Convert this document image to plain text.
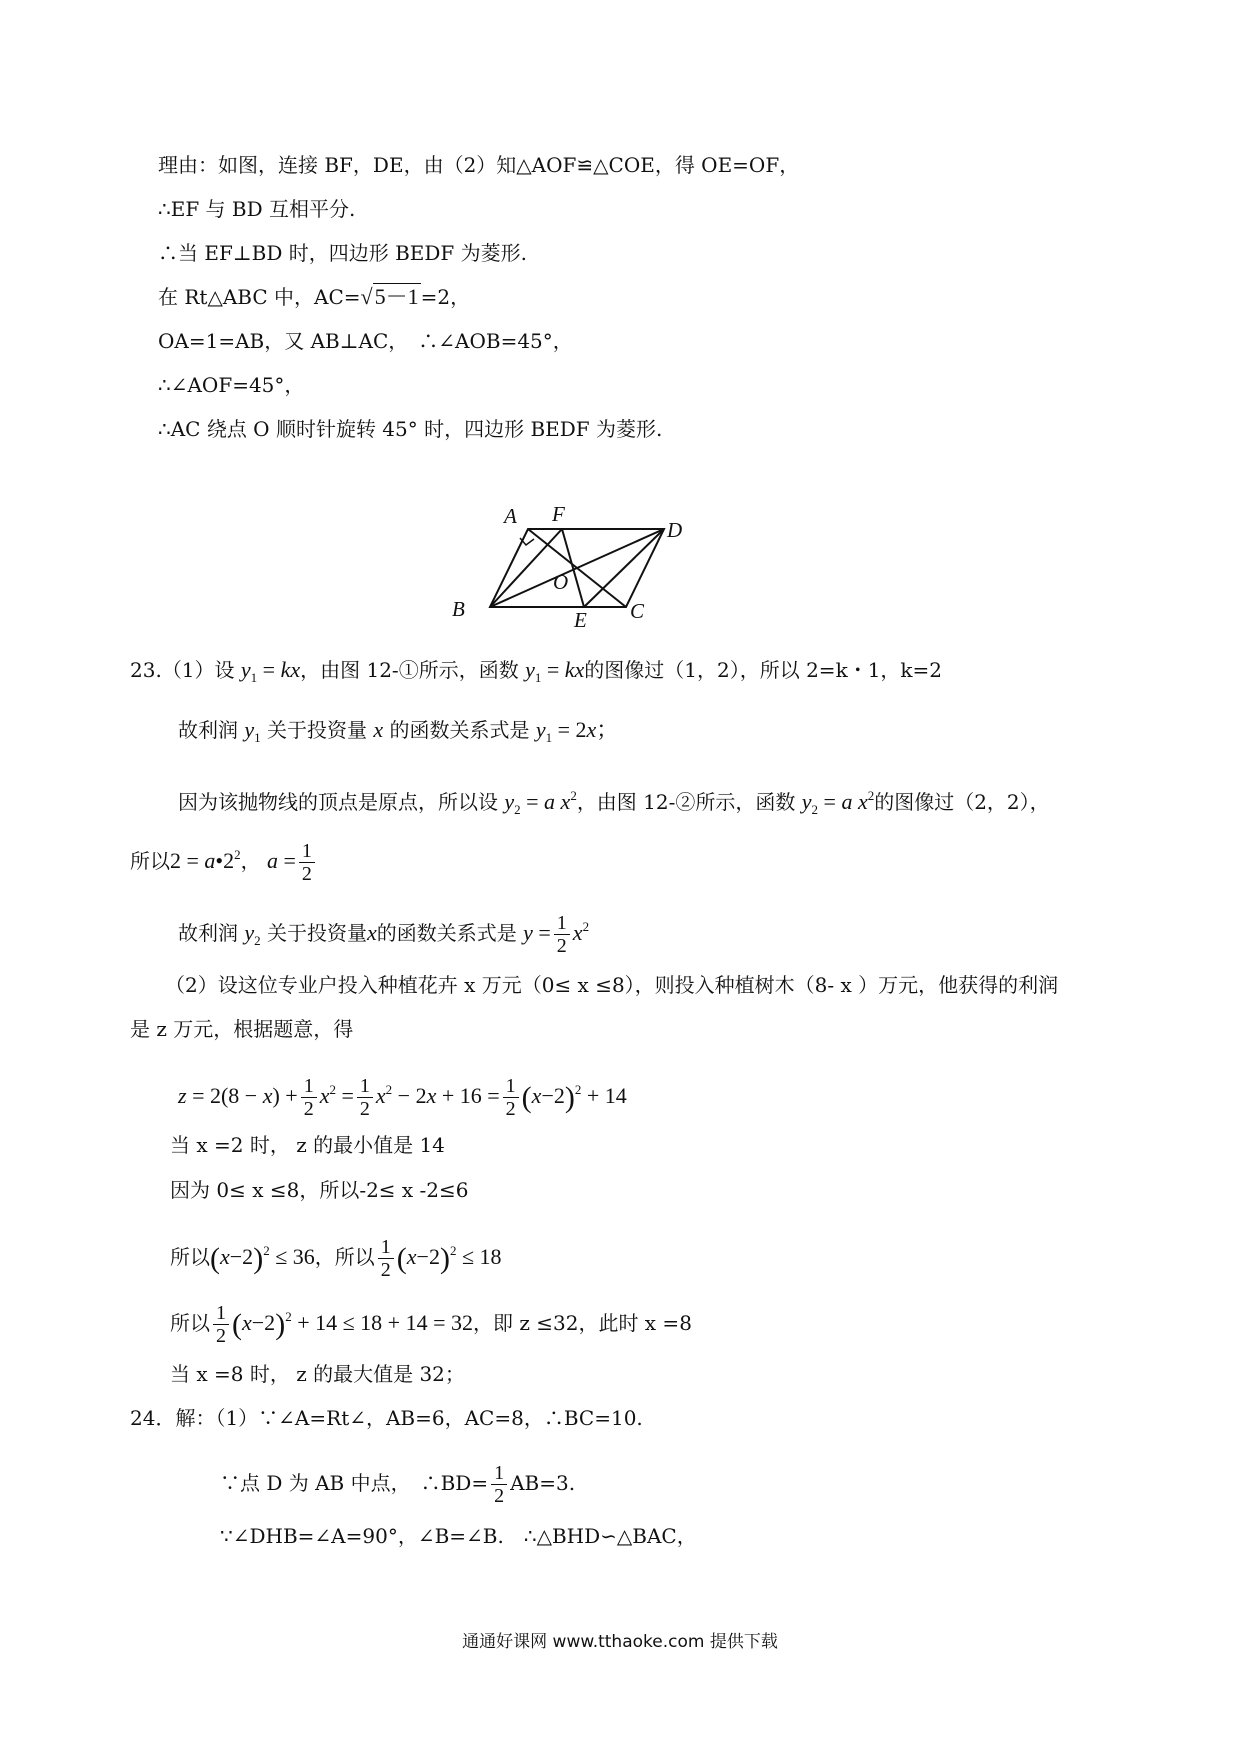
理由：如图，连接 BF，DE，由（2）知△AOF≌△COE，得 OE=OF，
∴EF 与 BD 互相平分.
∴当 EF⊥BD 时，四边形 BEDF 为菱形.
在 Rt△ABC 中，AC=√5－1 =2，
OA=1=AB，又 AB⊥AC，　∴∠AOB=45°，
∴∠AOF=45°，
∴AC 绕点 O 顺时针旋转 45° 时，四边形 BEDF 为菱形.
A F
D
O
B	E C
23.（1）设 $y_1$ = kx，由图 12-①所示，函数 $y_1$ = kx的图像过（1，2），所以 2=k・1，k=2
故利润 $y_1$ 关于投资量 x 的函数关系式是 $y_1 = 2x$；
因为该抛物线的顶点是原点，所以设 $y_2 = a$ $x^2$，由图 12-②所示，函数 $y_2 = a$ $x^2$的图像过（2，2），
所以$2 = a•2^2$， $a = \frac{1}{2}$
故利润 $y_2$ 关于投资量x的函数关系式是 $y = \frac{1}{2} x^2$
（2）设这位专业户投入种植花卉 x 万元（0≤ x ≤8），则投入种植树木（8- x ）万元，他获得的利润
是 z 万元，根据题意，得
$z = 2(8 - x) + \frac{1}{2} x^2 = \frac{1}{2} x^2 - 2x + 16 = \frac{1}{2} (x-2)^2 + 14$
当 x =2 时， z 的最小值是 14
因为 0≤ x ≤8，所以-2≤ x -2≤6
所以$(x-2)^2 \le 36$，所以 $\frac{1}{2} (x-2)^2 \le 18$
所以 $\frac{1}{2} (x-2)^2 + 14 \le 18 + 14 = 32$，即 z ≤32，此时 x =8
当 x =8 时， z 的最大值是 32；
24．解：（1）∵∠A=Rt∠，AB=6，AC=8，∴BC=10.
∵点 D 为 AB 中点，　∴BD= $\frac{1}{2} AB=3$.
∵∠DHB=∠A=90°，∠B=∠B.　∴△BHD∽△BAC，
通通好课网 www.tthaoke.com 提供下载
